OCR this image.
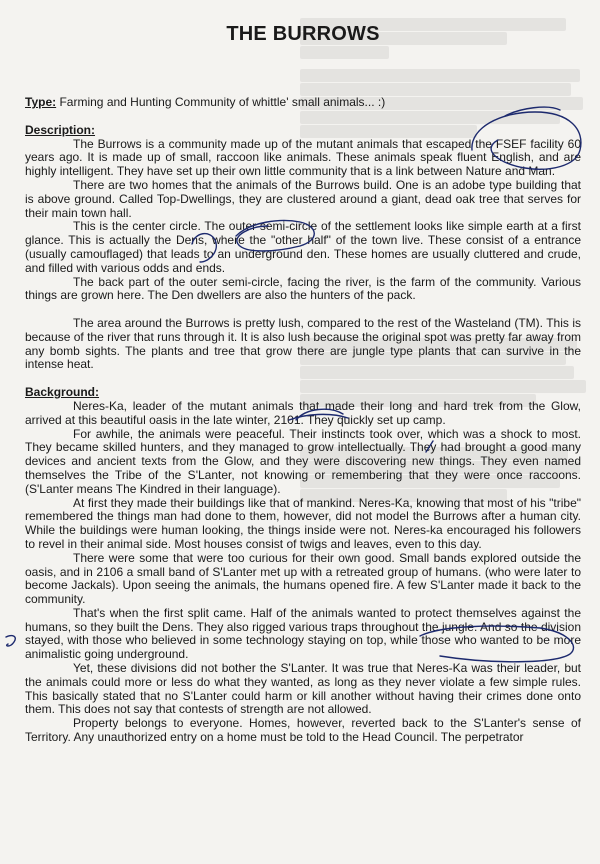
THE BURROWS
Type: Farming and Hunting Community of whittle' small animals... :)
Description:

The Burrows is a community made up of the mutant animals that escaped the FSEF facility 60 years ago. It is made up of small, raccoon like animals. These animals speak fluent English, and are highly intelligent. They have set up their own little community that is a link between Nature and Man.

There are two homes that the animals of the Burrows build. One is an adobe type building that is above ground. Called Top-Dwellings, they are clustered around a giant, dead oak tree that serves for their main town hall.

This is the center circle. The outer semi-circle of the settlement looks like simple earth at a first glance. This is actually the Dens, where the "other half" of the town live. These consist of a entrance (usually camouflaged) that leads to an underground den. These homes are usually cluttered and crude, and filled with various odds and ends.

The back part of the outer semi-circle, facing the river, is the farm of the community. Various things are grown here. The Den dwellers are also the hunters of the pack.

The area around the Burrows is pretty lush, compared to the rest of the Wasteland (TM). This is because of the river that runs through it. It is also lush because the original spot was pretty far away from any bomb sights. The plants and tree that grow there are jungle type plants that can survive in the intense heat.

Background:

Neres-Ka, leader of the mutant animals that made their long and hard trek from the Glow, arrived at this beautiful oasis in the late winter, 2101. They quickly set up camp.

For awhile, the animals were peaceful. Their instincts took over, which was a shock to most. They became skilled hunters, and they managed to grow intellectually. They had brought a good many devices and ancient texts from the Glow, and they were discovering new things. They even named themselves the Tribe of the S'Lanter, not knowing or remembering that they were once raccoons. (S'Lanter means The Kindred in their language).

At first they made their buildings like that of mankind. Neres-Ka, knowing that most of his "tribe" remembered the things man had done to them, however, did not model the Burrows after a human city. While the buildings were human looking, the things inside were not. Neres-ka encouraged his followers to revel in their animal side. Most houses consist of twigs and leaves, even to this day.

There were some that were too curious for their own good. Small bands explored outside the oasis, and in 2106 a small band of S'Lanter met up with a retreated group of humans. (who were later to become Jackals). Upon seeing the animals, the humans opened fire. A few S'Lanter made it back to the community.

That's when the first split came. Half of the animals wanted to protect themselves against the humans, so they built the Dens. They also rigged various traps throughout the jungle. And so the division stayed, with those who believed in some technology staying on top, while those who wanted to be more animalistic going underground.

Yet, these divisions did not bother the S'Lanter. It was true that Neres-Ka was their leader, but the animals could more or less do what they wanted, as long as they never violate a few simple rules. This basically stated that no S'Lanter could harm or kill another without having their crimes done onto them. This does not say that contests of strength are not allowed.

Property belongs to everyone. Homes, however, reverted back to the S'Lanter's sense of Territory. Any unauthorized entry on a home must be told to the Head Council. The perpetrator
